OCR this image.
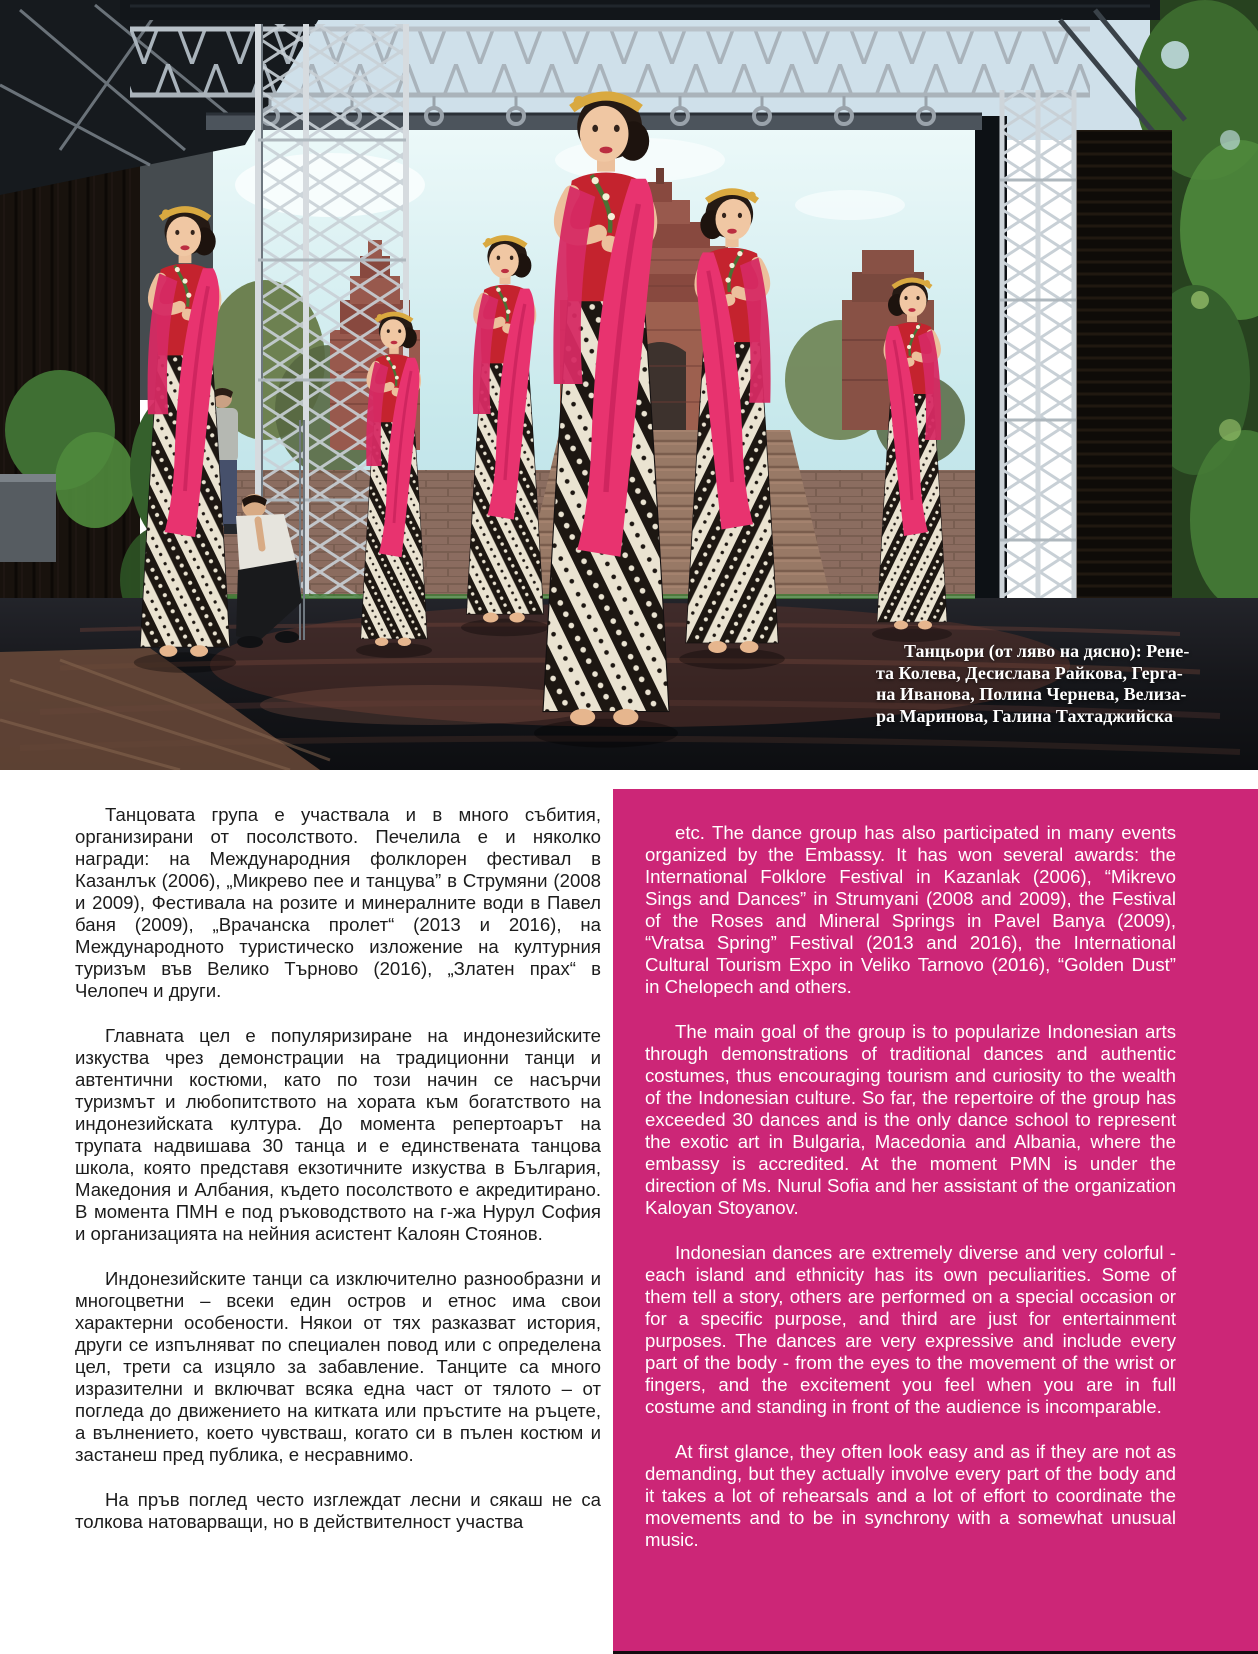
Танцьори (от ляво на дясно): Рене-
та Колева, Десислава Райкова, Герга-
на Иванова, Полина Чернева, Велиза-
ра Маринова, Галина Тахтаджийска

Танцовата група е участвала и в много събития, организирани от посолството. Печелила е и няколко награди: на Международния фолклорен фестивал в Казанлък (2006), „Микрево пее и танцува” в Струмяни (2008 и 2009), Фестивала на розите и минералните води в Павел баня (2009), „Врачанска пролет“ (2013 и 2016), на Международното туристическо изложение на културния туризъм във Велико Търново (2016), „Златен прах“ в Челопеч и други.

Главната цел е популяризиране на индонезийските изкуства чрез демонстрации на традиционни танци и автентични костюми, като по този начин се насърчи туризмът и любопитството на хората към богатството на индонезийската култура. До момента репертоарът на трупата надвишава 30 танца и е единствената танцова школа, която представя екзотичните изкуства в България, Македония и Албания, където посолството е акредитирано. В момента ПМН е под ръководството на г-жа Нурул София и организацията на нейния асистент Калоян Стоянов.

Индонезийските танци са изключително разнообразни и многоцветни – всеки един остров и етнос има свои характерни особености. Някои от тях разказват история, други се изпълняват по специален повод или с определена цел, трети са изцяло за забавление. Танците са много изразителни и включват всяка една част от тялото – от погледа до движението на китката или пръстите на ръцете, а вълнението, което чувстваш, когато си в пълен костюм и застанеш пред публика, е несравнимо.

На пръв поглед често изглеждат лесни и сякаш не са толкова натоварващи, но в действителност участва

etc. The dance group has also participated in many events organized by the Embassy. It has won several awards: the International Folklore Festival in Kazanlak (2006), “Mikrevo Sings and Dances” in Strumyani (2008 and 2009), the Festival of the Roses and Mineral Springs in Pavel Banya (2009), “Vratsa Spring” Festival (2013 and 2016), the International Cultural Tourism Expo in Veliko Tarnovo (2016), “Golden Dust” in Chelopech and others.

The main goal of the group is to popularize Indonesian arts through demonstrations of traditional dances and authentic costumes, thus encouraging tourism and curiosity to the wealth of the Indonesian culture. So far, the repertoire of the group has exceeded 30 dances and is the only dance school to represent the exotic art in Bulgaria, Macedonia and Albania, where the embassy is accredited. At the moment PMN is under the direction of Ms. Nurul Sofia and her assistant of the organization Kaloyan Stoyanov.

Indonesian dances are extremely diverse and very colorful - each island and ethnicity has its own peculiarities. Some of them tell a story, others are performed on a special occasion or for a specific purpose, and third are just for entertainment purposes. The dances are very expressive and include every part of the body - from the eyes to the movement of the wrist or fingers, and the excitement you feel when you are in full costume and standing in front of the audience is incomparable.

At first glance, they often look easy and as if they are not as demanding, but they actually involve every part of the body and it takes a lot of rehearsals and a lot of effort to coordinate the movements and to be in synchrony with a somewhat unusual music.
